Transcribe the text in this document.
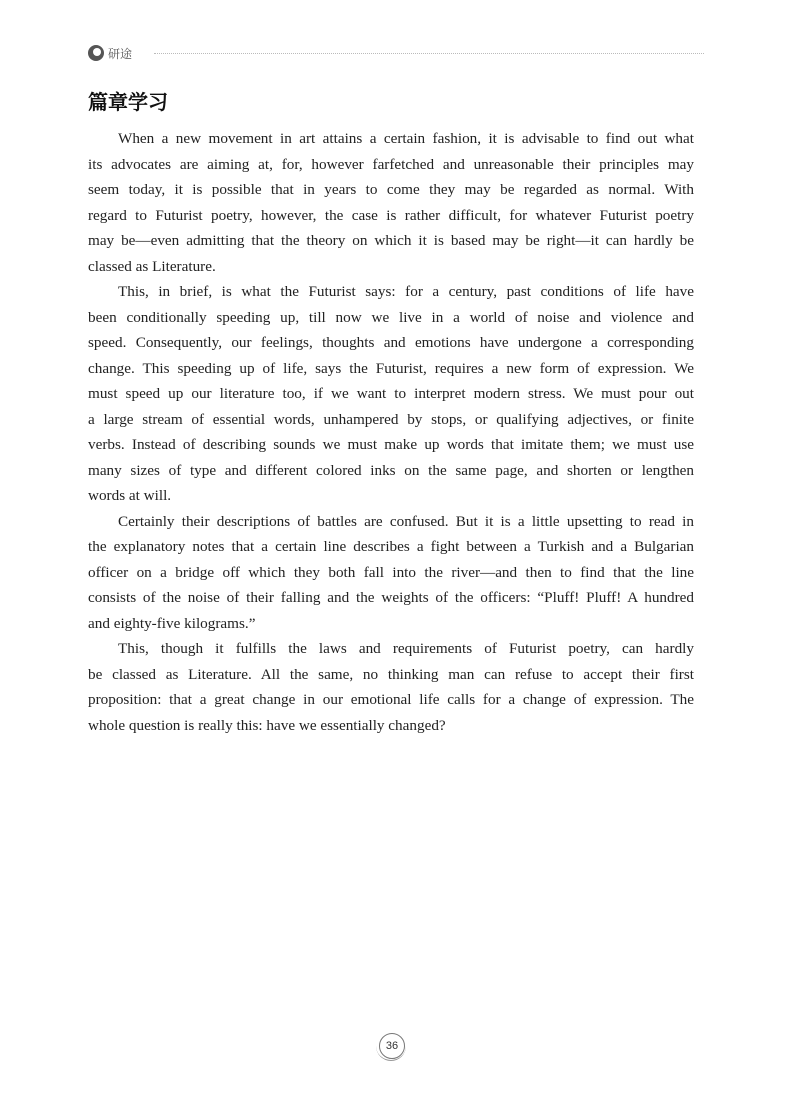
研途
篇章学习
When a new movement in art attains a certain fashion, it is advisable to find out what
its advocates are aiming at, for, however farfetched and unreasonable their principles may
seem today, it is possible that in years to come they may be regarded as normal. With
regard to Futurist poetry, however, the case is rather difficult, for whatever Futurist poetry
may be—even admitting that the theory on which it is based may be right—it can hardly be
classed as Literature.
This, in brief, is what the Futurist says: for a century, past conditions of life have
been conditionally speeding up, till now we live in a world of noise and violence and
speed. Consequently, our feelings, thoughts and emotions have undergone a corresponding
change. This speeding up of life, says the Futurist, requires a new form of expression. We
must speed up our literature too, if we want to interpret modern stress. We must pour out
a large stream of essential words, unhampered by stops, or qualifying adjectives, or finite
verbs. Instead of describing sounds we must make up words that imitate them; we must use
many sizes of type and different colored inks on the same page, and shorten or lengthen
words at will.
Certainly their descriptions of battles are confused. But it is a little upsetting to read in
the explanatory notes that a certain line describes a fight between a Turkish and a Bulgarian
officer on a bridge off which they both fall into the river—and then to find that the line
consists of the noise of their falling and the weights of the officers: “Pluff! Pluff! A hundred
and eighty-five kilograms.”
This, though it fulfills the laws and requirements of Futurist poetry, can hardly
be classed as Literature. All the same, no thinking man can refuse to accept their first
proposition: that a great change in our emotional life calls for a change of expression. The
whole question is really this: have we essentially changed?
36
